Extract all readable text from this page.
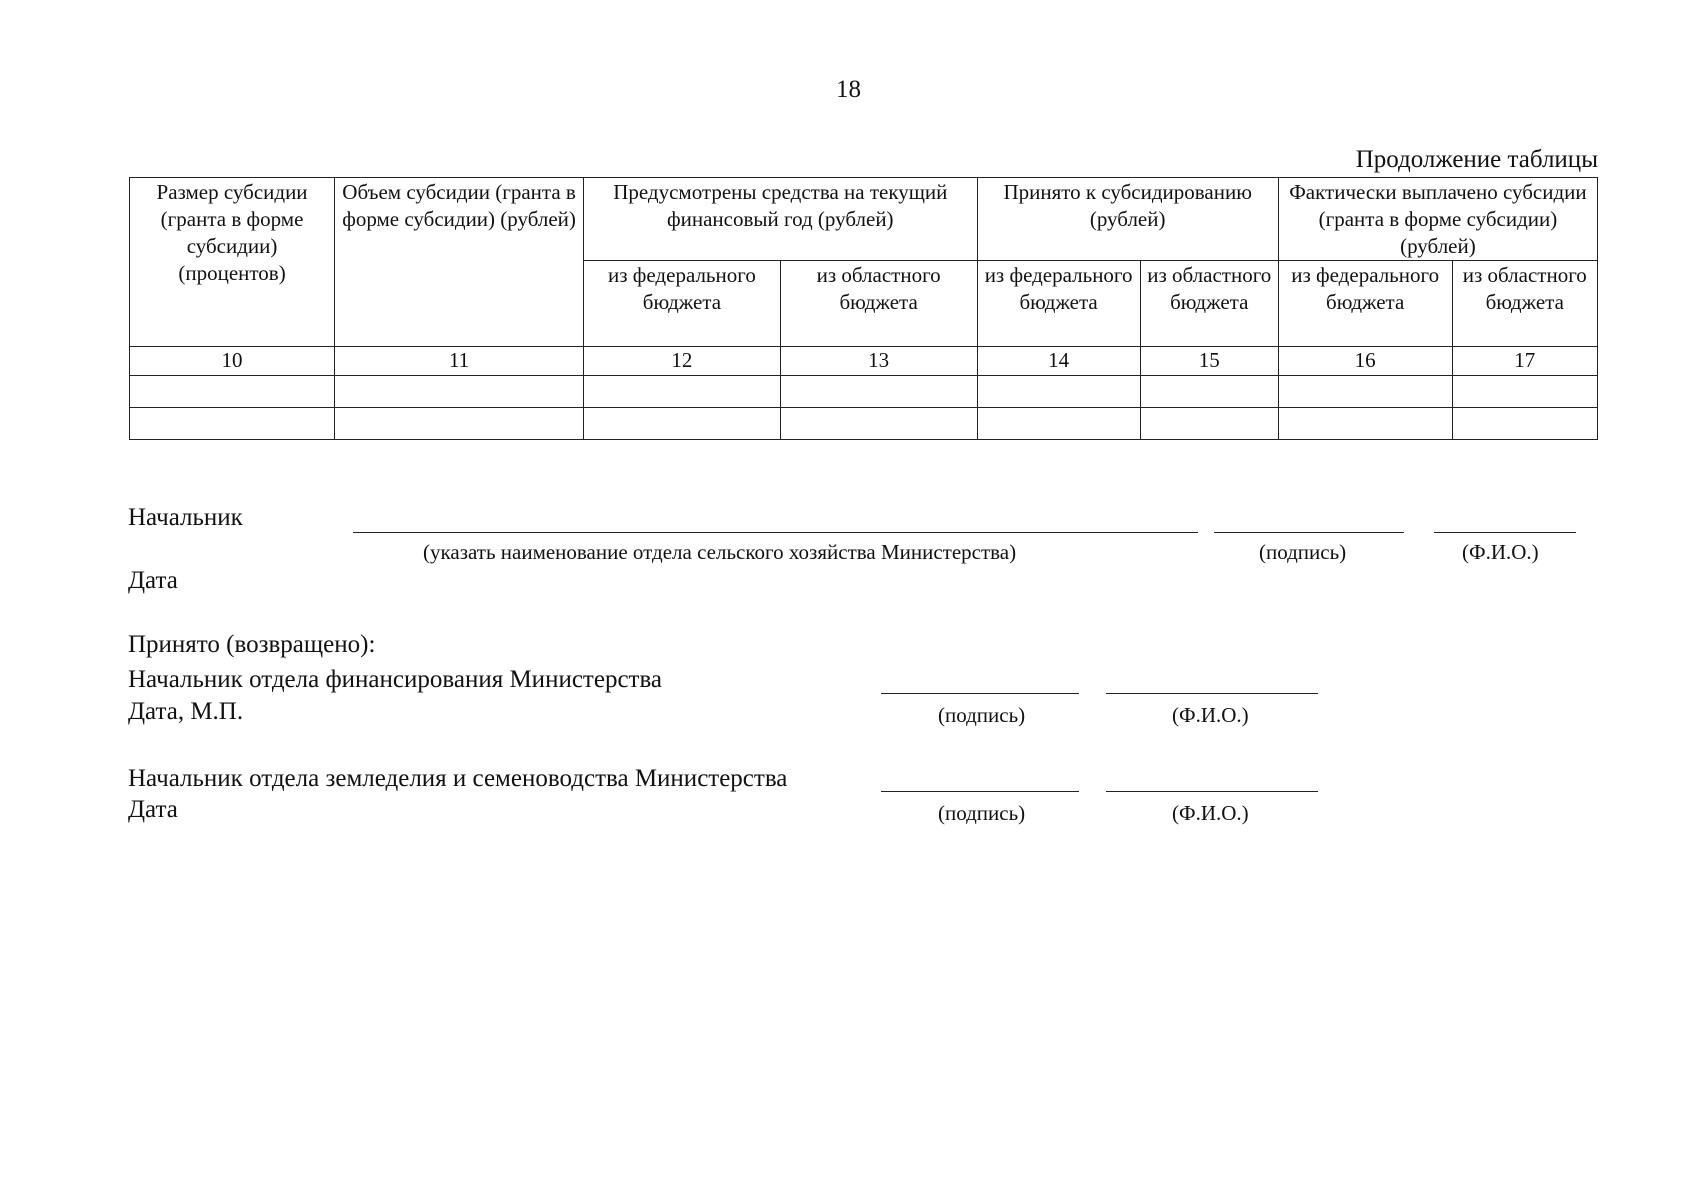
18
Продолжение таблицы
Размер субсидии (гранта в форме субсидии) (процентов)	Объем субсидии (гранта в форме субсидии) (рублей)	Предусмотрены средства на текущий финансовый год (рублей)		Принято к субсидированию (рублей)		Фактически выплачено субсидии (гранта в форме субсидии) (рублей)	
		из федерального бюджета	из областного бюджета	из федерального бюджета	из областного бюджета	из федерального бюджета	из областного бюджета
10	11	12	13	14	15	16	17

Начальник
(указать наименование отдела сельского хозяйства Министерства)	(подпись)	(Ф.И.О.)
Дата
Принято (возвращено):
Начальник отдела финансирования Министерства
Дата, М.П.	(подпись)	(Ф.И.О.)
Начальник отдела земледелия и семеноводства Министерства
Дата	(подпись)	(Ф.И.О.)
